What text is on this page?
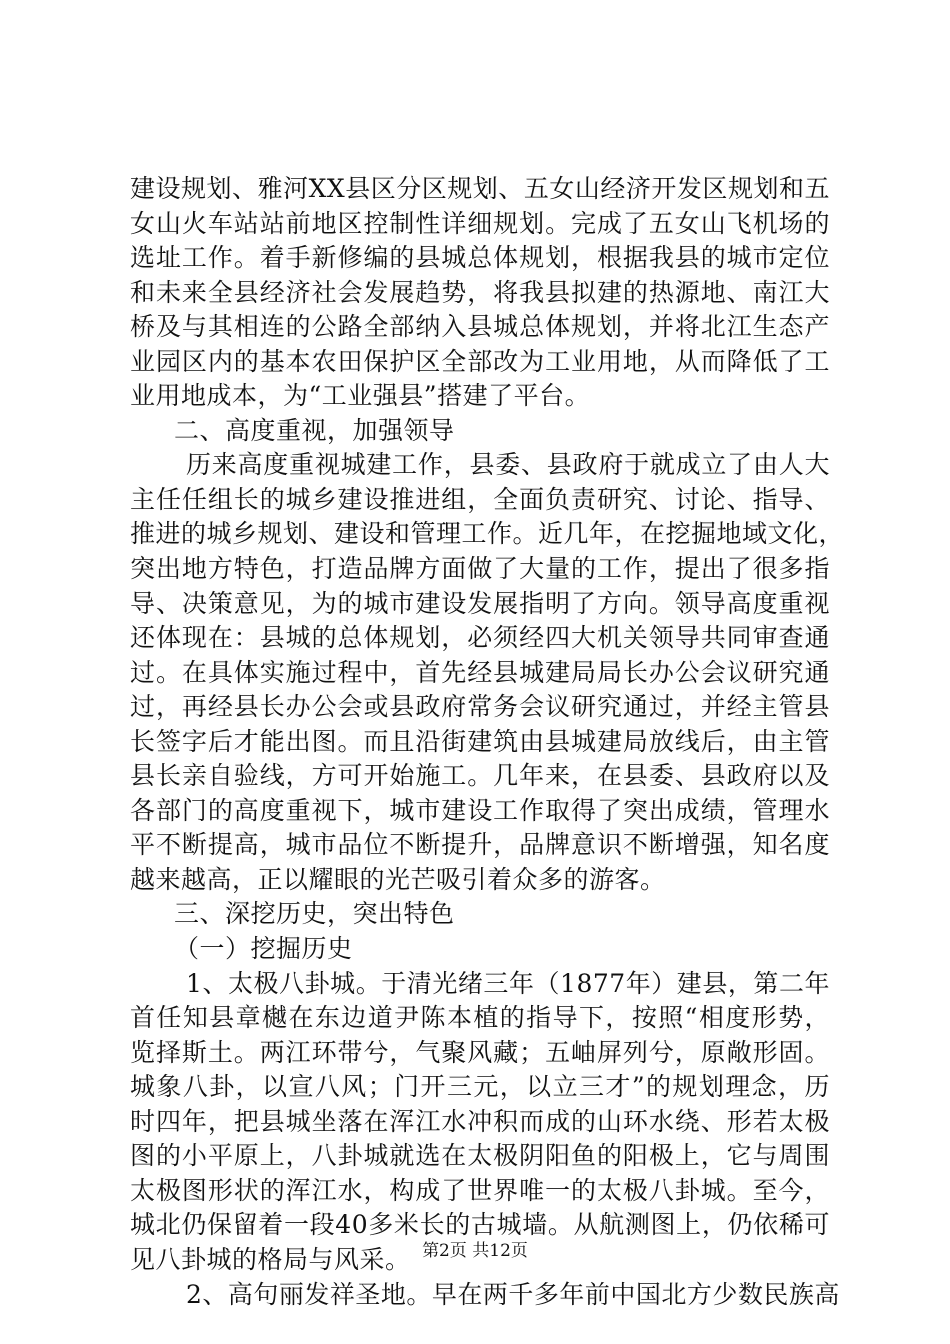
建设规划、雅河XX县区分区规划、五女山经济开发区规划和五
女山火车站站前地区控制性详细规划。完成了五女山飞机场的
选址工作。着手新修编的县城总体规划，根据我县的城市定位
和未来全县经济社会发展趋势，将我县拟建的热源地、南江大
桥及与其相连的公路全部纳入县城总体规划，并将北江生态产
业园区内的基本农田保护区全部改为工业用地，从而降低了工
业用地成本，为“工业强县”搭建了平台。
二、高度重视，加强领导
历来高度重视城建工作，县委、县政府于就成立了由人大
主任任组长的城乡建设推进组，全面负责研究、讨论、指导、
推进的城乡规划、建设和管理工作。近几年，在挖掘地域文化，
突出地方特色，打造品牌方面做了大量的工作，提出了很多指
导、决策意见，为的城市建设发展指明了方向。领导高度重视
还体现在：县城的总体规划，必须经四大机关领导共同审查通
过。在具体实施过程中，首先经县城建局局长办公会议研究通
过，再经县长办公会或县政府常务会议研究通过，并经主管县
长签字后才能出图。而且沿街建筑由县城建局放线后，由主管
县长亲自验线，方可开始施工。几年来，在县委、县政府以及
各部门的高度重视下，城市建设工作取得了突出成绩，管理水
平不断提高，城市品位不断提升，品牌意识不断增强，知名度
越来越高，正以耀眼的光芒吸引着众多的游客。
三、深挖历史，突出特色
（一）挖掘历史
1、太极八卦城。于清光绪三年（1877年）建县，第二年
首任知县章樾在东边道尹陈本植的指导下，按照“相度形势，
览择斯土。两江环带兮，气聚风藏；五岫屏列兮，原敞形固。
城象八卦，以宣八风；门开三元，以立三才”的规划理念，历
时四年，把县城坐落在浑江水冲积而成的山环水绕、形若太极
图的小平原上，八卦城就选在太极阴阳鱼的阳极上，它与周围
太极图形状的浑江水，构成了世界唯一的太极八卦城。至今，
城北仍保留着一段40多米长的古城墙。从航测图上，仍依稀可
见八卦城的格局与风采。
2、高句丽发祥圣地。早在两千多年前中国北方少数民族高
第2页 共12页
